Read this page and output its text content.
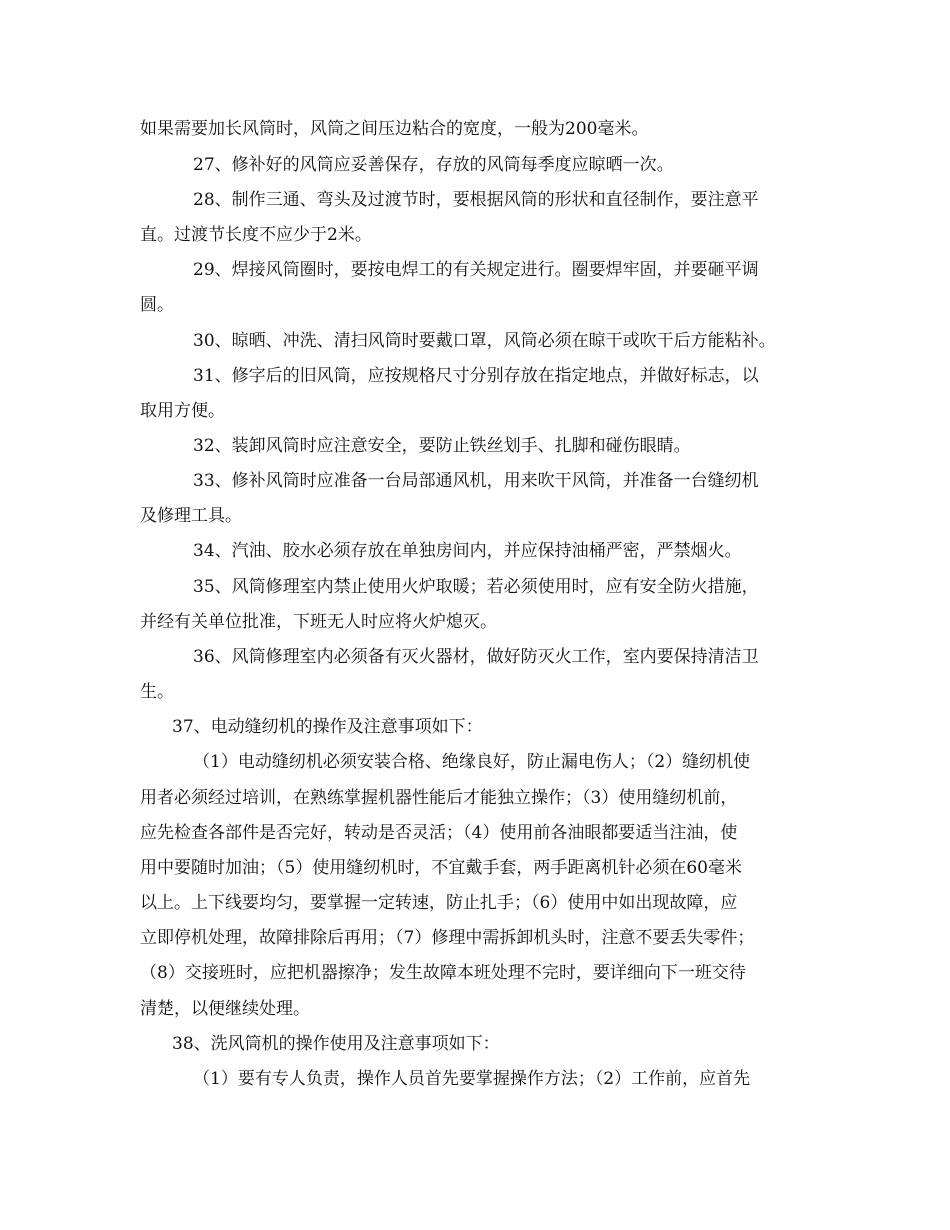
如果需要加长风筒时，风筒之间压边粘合的宽度，一般为200毫米。
27、修补好的风筒应妥善保存，存放的风筒每季度应晾晒一次。
28、制作三通、弯头及过渡节时，要根据风筒的形状和直径制作，要注意平
直。过渡节长度不应少于2米。
29、焊接风筒圈时，要按电焊工的有关规定进行。圈要焊牢固，并要砸平调
圆。
30、晾晒、冲洗、清扫风筒时要戴口罩，风筒必须在晾干或吹干后方能粘补。
31、修字后的旧风筒，应按规格尺寸分别存放在指定地点，并做好标志，以
取用方便。
32、装卸风筒时应注意安全，要防止铁丝划手、扎脚和碰伤眼睛。
33、修补风筒时应准备一台局部通风机，用来吹干风筒，并准备一台缝纫机
及修理工具。
34、汽油、胶水必须存放在单独房间内，并应保持油桶严密，严禁烟火。
35、风筒修理室内禁止使用火炉取暖；若必须使用时，应有安全防火措施，
并经有关单位批准，下班无人时应将火炉熄灭。
36、风筒修理室内必须备有灭火器材，做好防灭火工作，室内要保持清洁卫
生。
37、电动缝纫机的操作及注意事项如下：
（1）电动缝纫机必须安装合格、绝缘良好，防止漏电伤人；（2）缝纫机使
用者必须经过培训，在熟练掌握机器性能后才能独立操作；（3）使用缝纫机前，
应先检查各部件是否完好，转动是否灵活；（4）使用前各油眼都要适当注油，使
用中要随时加油；（5）使用缝纫机时，不宜戴手套，两手距离机针必须在60毫米
以上。上下线要均匀，要掌握一定转速，防止扎手；（6）使用中如出现故障，应
立即停机处理，故障排除后再用；（7）修理中需拆卸机头时，注意不要丢失零件；
（8）交接班时，应把机器擦净；发生故障本班处理不完时，要详细向下一班交待
清楚，以便继续处理。
38、洗风筒机的操作使用及注意事项如下：
（1）要有专人负责，操作人员首先要掌握操作方法；（2）工作前，应首先
